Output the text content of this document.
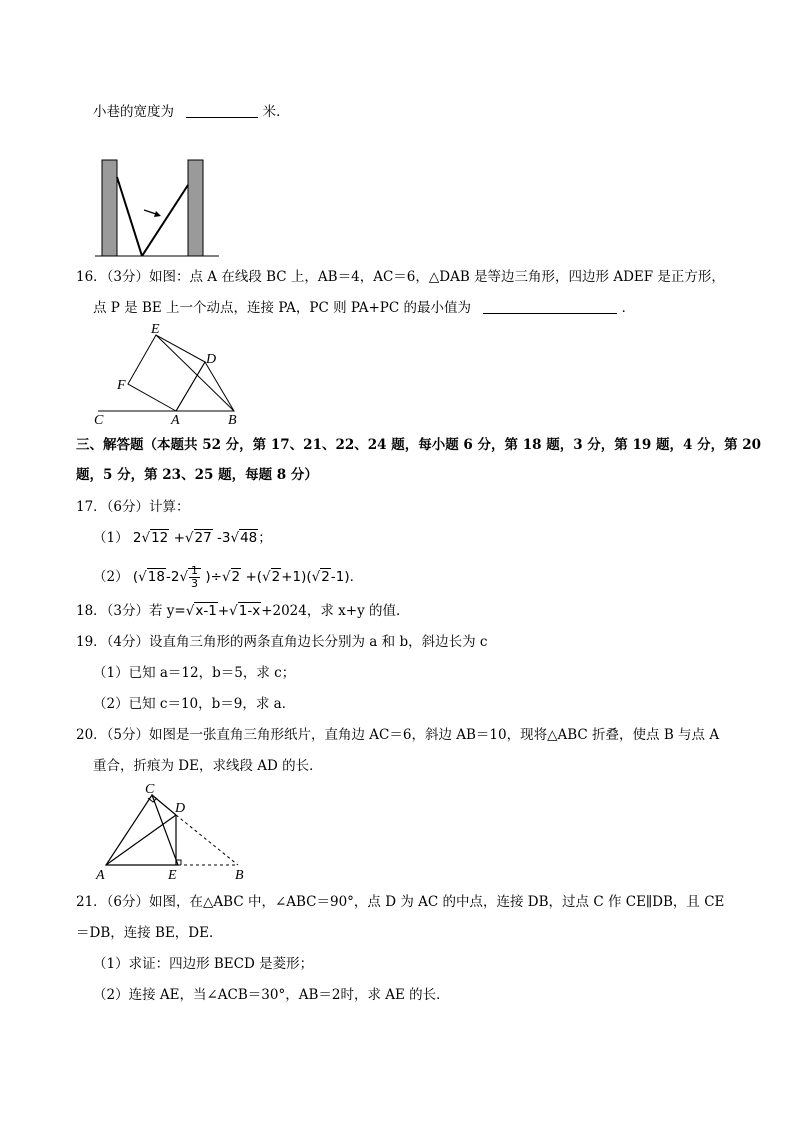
小巷的宽度为	米．
16．（3分）如图：点 A 在线段 BC 上，AB＝4，AC＝6，△DAB 是等边三角形，四边形 ADEF 是正方形，
点 P 是 BE 上一个动点，连接 PA，PC 则 PA+PC 的最小值为	．
E
D
F
C	A	B
三、解答题（本题共 52 分，第 17、21、22、24 题，每小题 6 分，第 18 题，3 分，第 19 题，4 分，第 20
题，5 分，第 23、25 题，每题 8 分）
17．（6分）计算：
（1） 2√12 +√27 -3√48；
（2） $(√18-2√ \frac{1}{3} )\div√2 +(√2+1)(√2-1)$．
18．（3分）若 y=√x-1+√1-x+2024，求 x+y 的值．
19．（4分）设直角三角形的两条直角边长分别为 a 和 b，斜边长为 c
（1）已知 a＝12，b＝5，求 c；
（2）已知 c＝10，b＝9，求 a．
20．（5分）如图是一张直角三角形纸片，直角边 AC＝6，斜边 AB＝10，现将△ABC 折叠，使点 B 与点 A
重合，折痕为 DE，求线段 AD 的长．
C
D
A	E	B
21．（6分）如图，在△ABC 中，∠ABC＝90°，点 D 为 AC 的中点，连接 DB，过点 C 作 CE∥DB，且 CE
＝DB，连接 BE，DE．
（1）求证：四边形 BECD 是菱形；
（2）连接 AE，当∠ACB＝30°，AB＝2时，求 AE 的长．
